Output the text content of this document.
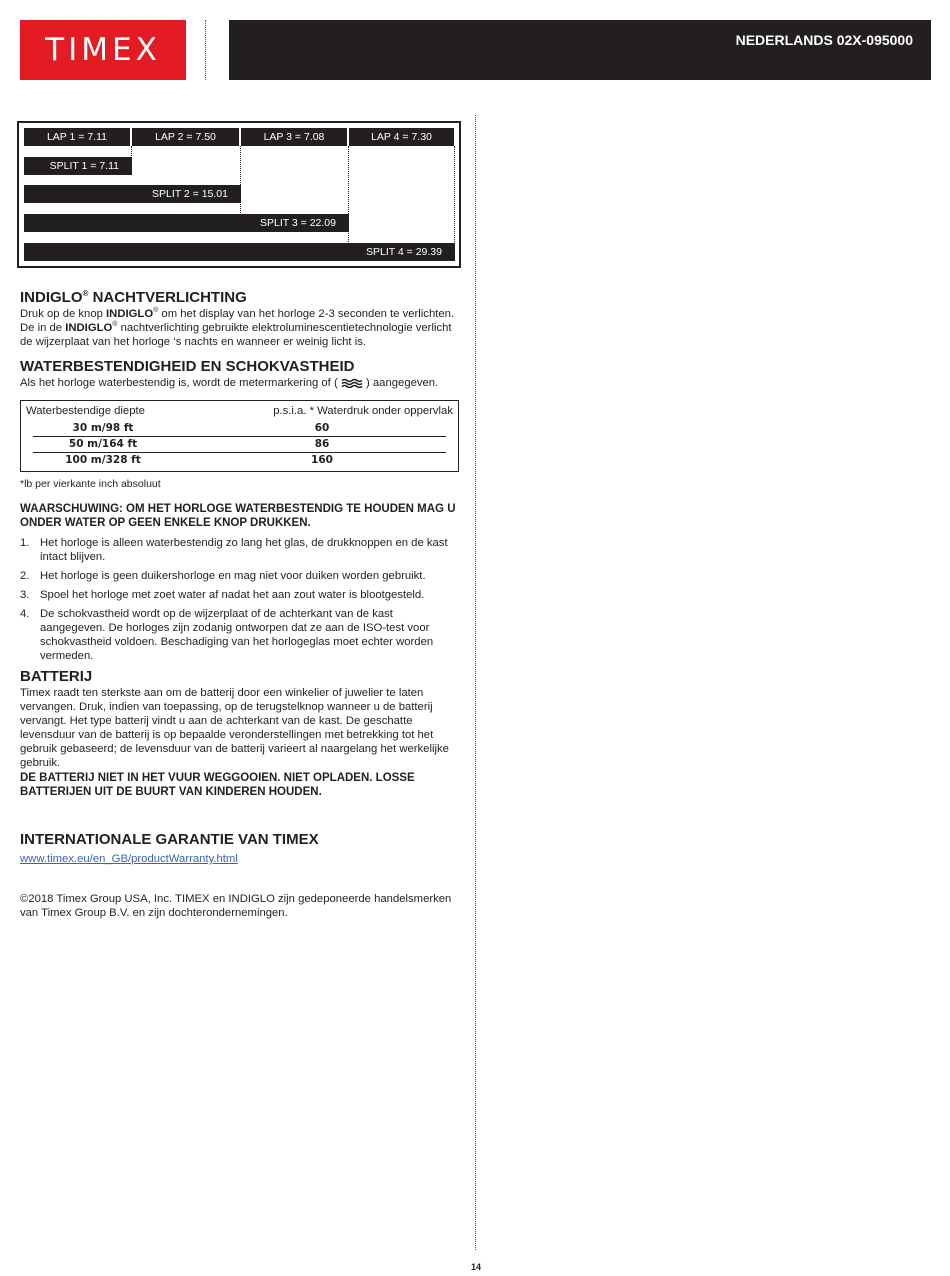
TIMEX	NEDERLANDS 02X-095000
LAP 1 = 7.11	LAP 2 = 7.50	LAP 3 = 7.08	LAP 4 = 7.30
SPLIT 1 = 7.11
SPLIT 2 = 15.01
SPLIT 3 = 22.09
SPLIT 4 = 29.39
INDIGLO® NACHTVERLICHTING

Druk op de knop INDIGLO® om het display van het horloge 2-3 seconden te verlichten. De in de INDIGLO® nachtverlichting gebruikte elektroluminescentietechnologie verlicht de wijzerplaat van het horloge ‘s nachts en wanneer er weinig licht is.

WATERBESTENDIGHEID EN SCHOKVASTHEID

Als het horloge waterbestendig is, wordt de metermarkering of (  ) aangegeven.

Waterbestendige diepte	p.s.i.a. * Waterdruk onder oppervlak
30 m/98 ft	60
50 m/164 ft	86
100 m/328 ft	160

*lb per vierkante inch absoluut

WAARSCHUWING: OM HET HORLOGE WATERBESTENDIG TE HOUDEN MAG U ONDER WATER OP GEEN ENKELE KNOP DRUKKEN.

1. Het horloge is alleen waterbestendig zo lang het glas, de drukknoppen en de kast intact blijven.
2. Het horloge is geen duikershorloge en mag niet voor duiken worden gebruikt.
3. Spoel het horloge met zoet water af nadat het aan zout water is blootgesteld.
4. De schokvastheid wordt op de wijzerplaat of de achterkant van de kast aangegeven. De horloges zijn zodanig ontworpen dat ze aan de ISO-test voor schokvastheid voldoen. Beschadiging van het horlogeglas moet echter worden vermeden.
BATTERIJ

Timex raadt ten sterkste aan om de batterij door een winkelier of juwelier te laten vervangen. Druk, indien van toepassing, op de terugstelknop wanneer u de batterij vervangt. Het type batterij vindt u aan de achterkant van de kast. De geschatte levensduur van de batterij is op bepaalde veronderstellingen met betrekking tot het gebruik gebaseerd; de levensduur van de batterij varieert al naargelang het werkelijke gebruik.

DE BATTERIJ NIET IN HET VUUR WEGGOOIEN. NIET OPLADEN. LOSSE BATTERIJEN UIT DE BUURT VAN KINDEREN HOUDEN.

INTERNATIONALE GARANTIE VAN TIMEX
www.timex.eu/en_GB/productWarranty.html

©2018 Timex Group USA, Inc. TIMEX en INDIGLO zijn gedeponeerde handelsmerken van Timex Group B.V. en zijn dochterondernemingen.

14
